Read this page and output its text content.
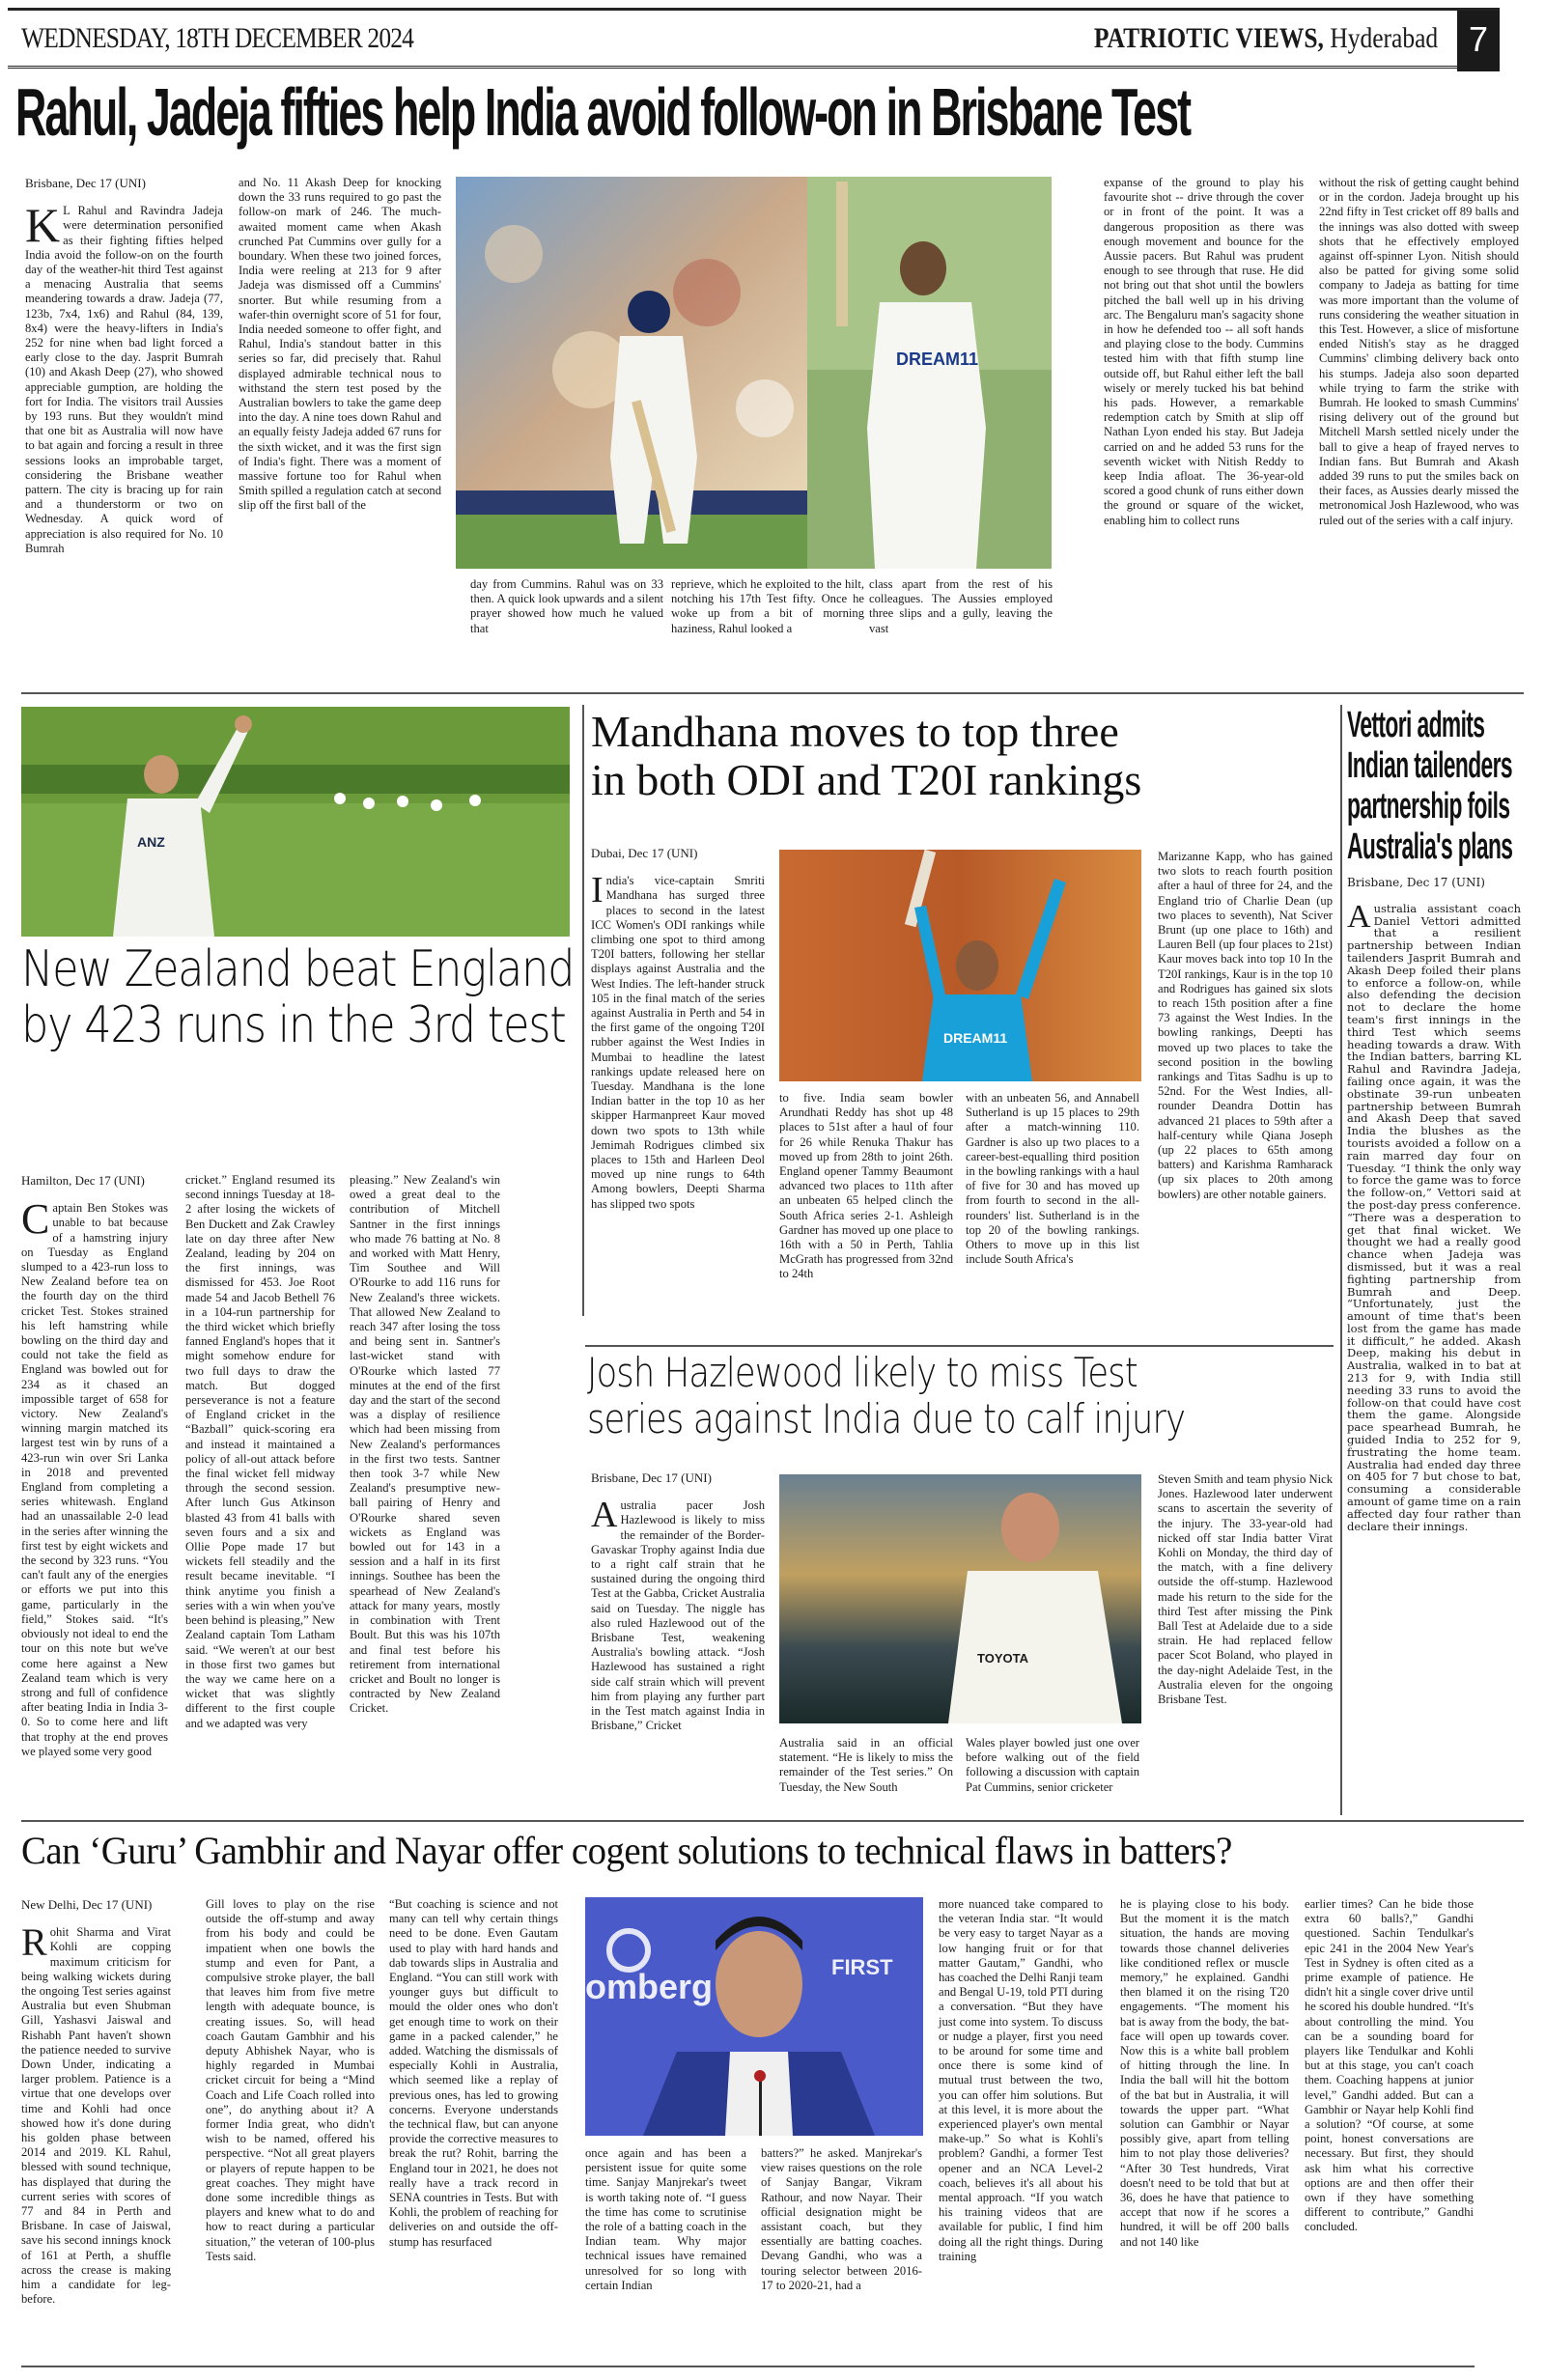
WEDNESDAY, 18TH DECEMBER 2024	PATRIOTIC VIEWS, Hyderabad 7
Rahul, Jadeja fifties help India avoid follow-on in Brisbane Test
Brisbane, Dec 17 (UNI)
K L Rahul and Ravindra Jadeja were determination personified as their fighting fifties helped India avoid the follow-on on the fourth day of the weather-hit third Test against a menacing Australia that seems meandering towards a draw. Jadeja (77, 123b, 7x4, 1x6) and Rahul (84, 139, 8x4) were the heavy-lifters in India's 252 for nine when bad light forced a early close to the day. Jasprit Bumrah (10) and Akash Deep (27), who showed appreciable gumption, are holding the fort for India. The visitors trail Aussies by 193 runs. But they wouldn't mind that one bit as Australia will now have to bat again and forcing a result in three sessions looks an improbable target, considering the Brisbane weather pattern. The city is bracing up for rain and a thunderstorm or two on Wednesday. A quick word of appreciation is also required for No. 10 Bumrah

and No. 11 Akash Deep for knocking down the 33 runs required to go past the follow-on mark of 246. The much-awaited moment came when Akash crunched Pat Cummins over gully for a boundary. When these two joined forces, India were reeling at 213 for 9 after Jadeja was dismissed off a Cummins' snorter. But while resuming from a wafer-thin overnight score of 51 for four, India needed someone to offer fight, and Rahul, India's standout batter in this series so far, did precisely that. Rahul displayed admirable technical nous to withstand the stern test posed by the Australian bowlers to take the game deep into the day. A nine toes down Rahul and an equally feisty Jadeja added 67 runs for the sixth wicket, and it was the first sign of India's fight. There was a moment of massive fortune too for Rahul when Smith spilled a regulation catch at second slip off the first ball of the

DREAM11

day from Cummins. Rahul was on 33 then. A quick look upwards and a silent prayer showed how much he valued that

reprieve, which he exploited to the hilt, notching his 17th Test fifty. Once he woke up from a bit of morning haziness, Rahul looked a

class apart from the rest of his colleagues. The Aussies employed three slips and a gully, leaving the vast

expanse of the ground to play his favourite shot -- drive through the cover or in front of the point. It was a dangerous proposition as there was enough movement and bounce for the Aussie pacers. But Rahul was prudent enough to see through that ruse. He did not bring out that shot until the bowlers pitched the ball well up in his driving arc. The Bengaluru man's sagacity shone in how he defended too -- all soft hands and playing close to the body. Cummins tested him with that fifth stump line outside off, but Rahul either left the ball wisely or merely tucked his bat behind his pads. However, a remarkable redemption catch by Smith at slip off Nathan Lyon ended his stay. But Jadeja carried on and he added 53 runs for the seventh wicket with Nitish Reddy to keep India afloat. The 36-year-old scored a good chunk of runs either down the ground or square of the wicket, enabling him to collect runs

without the risk of getting caught behind or in the cordon. Jadeja brought up his 22nd fifty in Test cricket off 89 balls and the innings was also dotted with sweep shots that he effectively employed against off-spinner Lyon. Nitish should also be patted for giving some solid company to Jadeja as batting for time was more important than the volume of runs considering the weather situation in this Test. However, a slice of misfortune ended Nitish's stay as he dragged Cummins' climbing delivery back onto his stumps. Jadeja also soon departed while trying to farm the strike with Bumrah. He looked to smash Cummins' rising delivery out of the ground but Mitchell Marsh settled nicely under the ball to give a heap of frayed nerves to Indian fans. But Bumrah and Akash added 39 runs to put the smiles back on their faces, as Aussies dearly missed the metronomical Josh Hazlewood, who was ruled out of the series with a calf injury.

ANZ
New Zealand beat England
by 423 runs in the 3rd test
Hamilton, Dec 17 (UNI)
C aptain Ben Stokes was unable to bat because of a hamstring injury on Tuesday as England slumped to a 423-run loss to New Zealand before tea on the fourth day on the third cricket Test. Stokes strained his left hamstring while bowling on the third day and could not take the field as England was bowled out for 234 as it chased an impossible target of 658 for victory. New Zealand's winning margin matched its largest test win by runs of a 423-run win over Sri Lanka in 2018 and prevented England from completing a series whitewash. England had an unassailable 2-0 lead in the series after winning the first test by eight wickets and the second by 323 runs. “You can't fault any of the energies or efforts we put into this game, particularly in the field,” Stokes said. “It's obviously not ideal to end the tour on this note but we've come here against a New Zealand team which is very strong and full of confidence after beating India in India 3-0. So to come here and lift that trophy at the end proves we played some very good

cricket.” England resumed its second innings Tuesday at 18-2 after losing the wickets of Ben Duckett and Zak Crawley late on day three after New Zealand, leading by 204 on the first innings, was dismissed for 453. Joe Root made 54 and Jacob Bethell 76 in a 104-run partnership for the third wicket which briefly fanned England's hopes that it might somehow endure for two full days to draw the match. But dogged perseverance is not a feature of England cricket in the “Bazball” quick-scoring era and instead it maintained a policy of all-out attack before the final wicket fell midway through the second session. After lunch Gus Atkinson blasted 43 from 41 balls with seven fours and a six and Ollie Pope made 17 but wickets fell steadily and the result became inevitable. “I think anytime you finish a series with a win when you've been behind is pleasing,” New Zealand captain Tom Latham said. “We weren't at our best in those first two games but the way we came here on a wicket that was slightly different to the first couple and we adapted was very

pleasing.” New Zealand's win owed a great deal to the contribution of Mitchell Santner in the first innings who made 76 batting at No. 8 and worked with Matt Henry, Tim Southee and Will O'Rourke to add 116 runs for New Zealand's three wickets. That allowed New Zealand to reach 347 after losing the toss and being sent in. Santner's last-wicket stand with O'Rourke which lasted 77 minutes at the end of the first day and the start of the second was a display of resilience which had been missing from New Zealand's performances in the first two tests. Santner then took 3-7 while New Zealand's presumptive new-ball pairing of Henry and O'Rourke shared seven wickets as England was bowled out for 143 in a session and a half in its first innings. Southee has been the spearhead of New Zealand's attack for many years, mostly in combination with Trent Boult. But this was his 107th and final test before his retirement from international cricket and Boult no longer is contracted by New Zealand Cricket.

Mandhana moves to top three
in both ODI and T20I rankings
Dubai, Dec 17 (UNI)
I ndia's vice-captain Smriti Mandhana has surged three places to second in the latest ICC Women's ODI rankings while climbing one spot to third among T20I batters, following her stellar displays against Australia and the West Indies. The left-hander struck 105 in the final match of the series against Australia in Perth and 54 in the first game of the ongoing T20I rubber against the West Indies in Mumbai to headline the latest rankings update released here on Tuesday. Mandhana is the lone Indian batter in the top 10 as her skipper Harmanpreet Kaur moved down two spots to 13th while Jemimah Rodrigues climbed six places to 15th and Harleen Deol moved up nine rungs to 64th Among bowlers, Deepti Sharma has slipped two spots

DREAM11

to five. India seam bowler Arundhati Reddy has shot up 48 places to 51st after a haul of four for 26 while Renuka Thakur has moved up from 28th to joint 26th. England opener Tammy Beaumont advanced two places to 11th after an unbeaten 65 helped clinch the South Africa series 2-1. Ashleigh Gardner has moved up one place to 16th with a 50 in Perth, Tahlia McGrath has progressed from 32nd to 24th

with an unbeaten 56, and Annabell Sutherland is up 15 places to 29th after a match-winning 110. Gardner is also up two places to a career-best-equalling third position in the bowling rankings with a haul of five for 30 and has moved up from fourth to second in the all-rounders' list. Sutherland is in the top 20 of the bowling rankings. Others to move up in this list include South Africa's

Marizanne Kapp, who has gained two slots to reach fourth position after a haul of three for 24, and the England trio of Charlie Dean (up two places to seventh), Nat Sciver Brunt (up one place to 16th) and Lauren Bell (up four places to 21st) Kaur moves back into top 10 In the T20I rankings, Kaur is in the top 10 and Rodrigues has gained six slots to reach 15th position after a fine 73 against the West Indies. In the bowling rankings, Deepti has moved up two places to take the second position in the bowling rankings and Titas Sadhu is up to 52nd. For the West Indies, all-rounder Deandra Dottin has advanced 21 places to 59th after a half-century while Qiana Joseph (up 22 places to 65th among batters) and Karishma Ramharack (up six places to 20th among bowlers) are other notable gainers.

Josh Hazlewood likely to miss Test
series against India due to calf injury
Brisbane, Dec 17 (UNI)
A ustralia pacer Josh Hazlewood is likely to miss the remainder of the Border-Gavaskar Trophy against India due to a right calf strain that he sustained during the ongoing third Test at the Gabba, Cricket Australia said on Tuesday. The niggle has also ruled Hazlewood out of the Brisbane Test, weakening Australia's bowling attack. “Josh Hazlewood has sustained a right side calf strain which will prevent him from playing any further part in the Test match against India in Brisbane,” Cricket

TOYOTA

Australia said in an official statement. “He is likely to miss the remainder of the Test series.” On Tuesday, the New South

Wales player bowled just one over before walking out of the field following a discussion with captain Pat Cummins, senior cricketer

Steven Smith and team physio Nick Jones. Hazlewood later underwent scans to ascertain the severity of the injury. The 33-year-old had nicked off star India batter Virat Kohli on Monday, the third day of the match, with a fine delivery outside the off-stump. Hazlewood made his return to the side for the third Test after missing the Pink Ball Test at Adelaide due to a side strain. He had replaced fellow pacer Scot Boland, who played in the day-night Adelaide Test, in the Australia eleven for the ongoing Brisbane Test.

Vettori admits Indian tailenders partnership foils Australia's plans
Brisbane, Dec 17 (UNI)
A ustralia assistant coach Daniel Vettori admitted that a resilient partnership between Indian tailenders Jasprit Bumrah and Akash Deep foiled their plans to enforce a follow-on, while also defending the decision not to declare the home team's first innings in the third Test which seems heading towards a draw. With the Indian batters, barring KL Rahul and Ravindra Jadeja, failing once again, it was the obstinate 39-run unbeaten partnership between Bumrah and Akash Deep that saved India the blushes as the tourists avoided a follow on a rain marred day four on Tuesday. “I think the only way to force the game was to force the follow-on,” Vettori said at the post-day press conference. “There was a desperation to get that final wicket. We thought we had a really good chance when Jadeja was dismissed, but it was a real fighting partnership from Bumrah and Deep. “Unfortunately, just the amount of time that's been lost from the game has made it difficult,” he added. Akash Deep, making his debut in Australia, walked in to bat at 213 for 9, with India still needing 33 runs to avoid the follow-on that could have cost them the game. Alongside pace spearhead Bumrah, he guided India to 252 for 9, frustrating the home team. Australia had ended day three on 405 for 7 but chose to bat, consuming a considerable amount of game time on a rain affected day four rather than declare their innings.

Can ‘Guru’ Gambhir and Nayar offer cogent solutions to technical flaws in batters?
New Delhi, Dec 17 (UNI)
R ohit Sharma and Virat Kohli are copping maximum criticism for being walking wickets during the ongoing Test series against Australia but even Shubman Gill, Yashasvi Jaiswal and Rishabh Pant haven't shown the patience needed to survive Down Under, indicating a larger problem. Patience is a virtue that one develops over time and Kohli had once showed how it's done during his golden phase between 2014 and 2019. KL Rahul, blessed with sound technique, has displayed that during the current series with scores of 77 and 84 in Perth and Brisbane. In case of Jaiswal, save his second innings knock of 161 at Perth, a shuffle across the crease is making him a candidate for leg-before.

Gill loves to play on the rise outside the off-stump and away from his body and could be impatient when one bowls the stump and even for Pant, a compulsive stroke player, the ball that leaves him from five metre length with adequate bounce, is creating issues. So, will head coach Gautam Gambhir and his deputy Abhishek Nayar, who is highly regarded in Mumbai cricket circuit for being a “Mind Coach and Life Coach rolled into one”, do anything about it? A former India great, who didn't wish to be named, offered his perspective. “Not all great players or players of repute happen to be great coaches. They might have done some incredible things as players and knew what to do and how to react during a particular situation,” the veteran of 100-plus Tests said.

“But coaching is science and not many can tell why certain things need to be done. Even Gautam used to play with hard hands and dab towards slips in Australia and England. “You can still work with younger guys but difficult to mould the older ones who don't get enough time to work on their game in a packed calender,” he added. Watching the dismissals of especially Kohli in Australia, which seemed like a replay of previous ones, has led to growing concerns. Everyone understands the technical flaw, but can anyone provide the corrective measures to break the rut? Rohit, barring the England tour in 2021, he does not really have a track record in SENA countries in Tests. But with Kohli, the problem of reaching for deliveries on and outside the off-stump has resurfaced

omberg	FIRST

once again and has been a persistent issue for quite some time. Sanjay Manjrekar's tweet is worth taking note of. “I guess the time has come to scrutinise the role of a batting coach in the Indian team. Why major technical issues have remained unresolved for so long with certain Indian

batters?” he asked. Manjrekar's view raises questions on the role of Sanjay Bangar, Vikram Rathour, and now Nayar. Their official designation might be assistant coach, but they essentially are batting coaches. Devang Gandhi, who was a touring selector between 2016-17 to 2020-21, had a

more nuanced take compared to the veteran India star. “It would be very easy to target Nayar as a low hanging fruit or for that matter Gautam,” Gandhi, who has coached the Delhi Ranji team and Bengal U-19, told PTI during a conversation. “But they have just come into system. To discuss or nudge a player, first you need to be around for some time and once there is some kind of mutual trust between the two, you can offer him solutions. But at this level, it is more about the experienced player's own mental make-up.” So what is Kohli's problem? Gandhi, a former Test opener and an NCA Level-2 coach, believes it's all about his mental approach. “If you watch his training videos that are available for public, I find him doing all the right things. During training

he is playing close to his body. But the moment it is the match situation, the hands are moving towards those channel deliveries like conditioned reflex or muscle memory,” he explained. Gandhi then blamed it on the rising T20 engagements. “The moment his bat is away from the body, the bat-face will open up towards cover. Now this is a white ball problem of hitting through the line. In India the ball will hit the bottom of the bat but in Australia, it will towards the upper part. “What solution can Gambhir or Nayar possibly give, apart from telling him to not play those deliveries? “After 30 Test hundreds, Virat doesn't need to be told that but at 36, does he have that patience to accept that now if he scores a hundred, it will be off 200 balls and not 140 like

earlier times? Can he bide those extra 60 balls?,” Gandhi questioned. Sachin Tendulkar's epic 241 in the 2004 New Year's Test in Sydney is often cited as a prime example of patience. He didn't hit a single cover drive until he scored his double hundred. “It's about controlling the mind. You can be a sounding board for players like Tendulkar and Kohli but at this stage, you can't coach them. Coaching happens at junior level,” Gandhi added. But can a Gambhir or Nayar help Kohli find a solution? “Of course, at some point, honest conversations are necessary. But first, they should ask him what his corrective options are and then offer their own if they have something different to contribute,” Gandhi concluded.
